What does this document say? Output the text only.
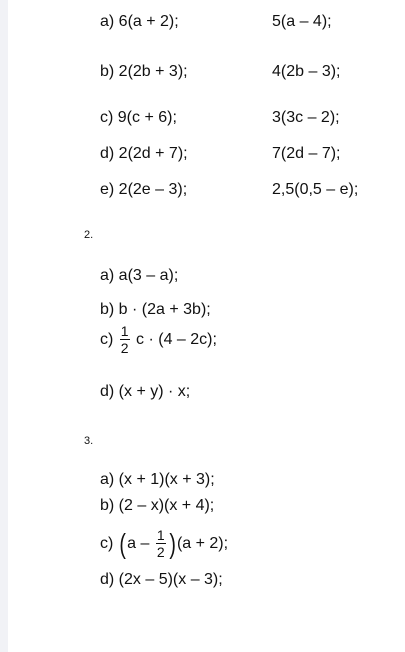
a) 6(a + 2);	5(a – 4);
b) 2(2b + 3);	4(2b – 3);
c) 9(c + 6);	3(3c – 2);
d) 2(2d + 7);	7(2d – 7);
e) 2(2e – 3);	2,5(0,5 – e);
2.
a) a(3 – a);
b) b · (2a + 3b);
$c) \frac{1}{2}$ c · (4 – 2c);
d) (x + y) · x;
3.
a) (x + 1)(x + 3);
b) (2 – x)(x + 4);
c) $(a - \frac{1}{2} )(a + 2)$;
d) (2x – 5)(x – 3);
